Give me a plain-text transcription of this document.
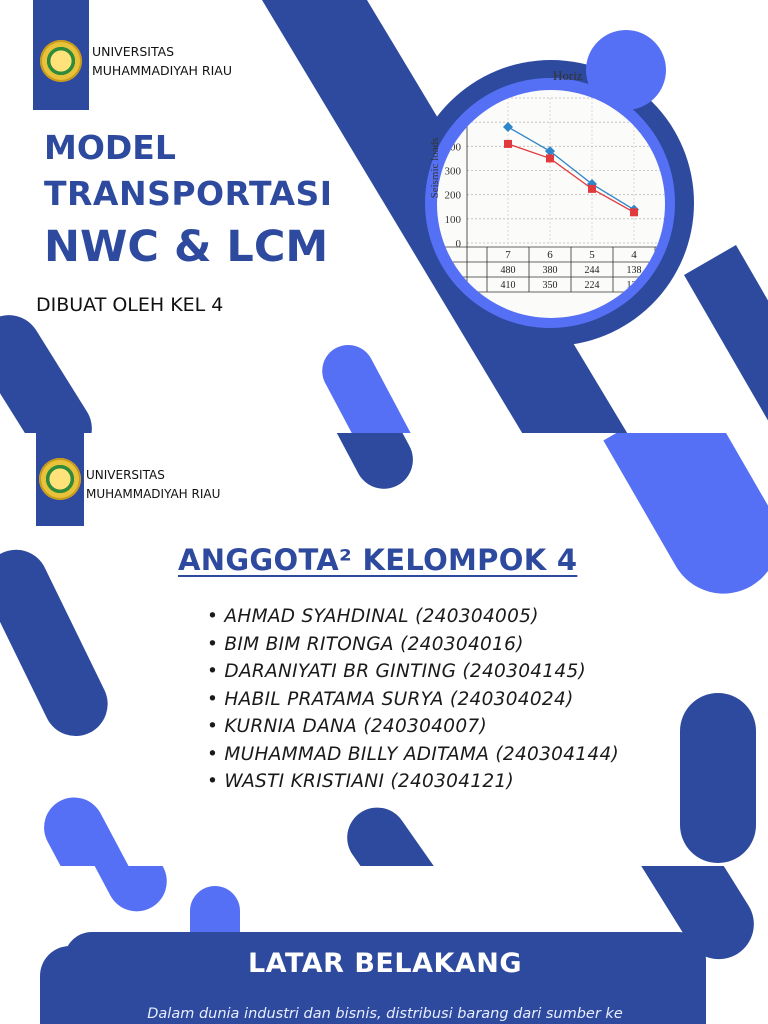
UNIVERSITAS
MUHAMMADIYAH RIAU
MODEL
TRANSPORTASI
NWC & LCM
DIBUAT OLEH KEL 4
0
100
200
300
400
500
600
7
480
410
6
380
350
5
244
224
4
138
127
C
Horiz
Seismic loads
UNIVERSITAS
MUHAMMADIYAH RIAU
ANGGOTA² KELOMPOK 4
• AHMAD SYAHDINAL (240304005)
• BIM BIM RITONGA (240304016)
• DARANIYATI BR GINTING (240304145)
• HABIL PRATAMA SURYA (240304024)
• KURNIA DANA (240304007)
• MUHAMMAD BILLY ADITAMA (240304144)
• WASTI KRISTIANI (240304121)
LATAR BELAKANG
Dalam dunia industri dan bisnis, distribusi barang dari sumber ke
